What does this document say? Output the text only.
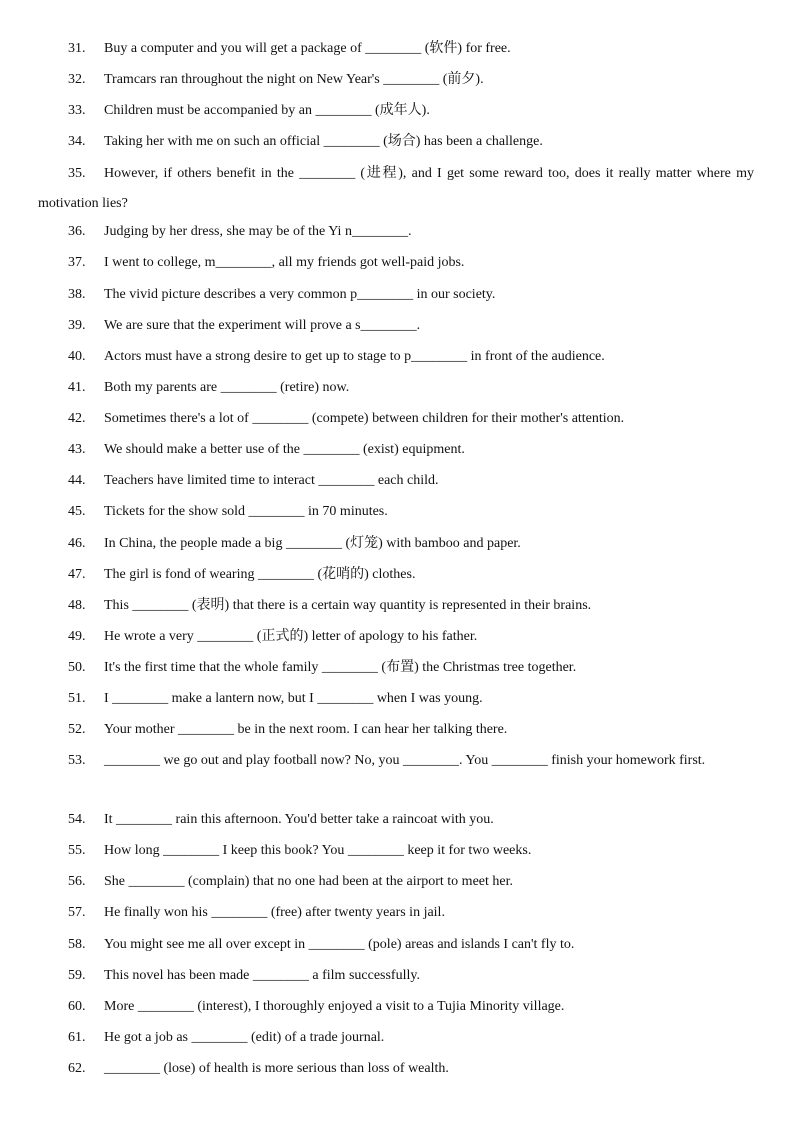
31. Buy a computer and you will get a package of ________ (软件) for free.
32. Tramcars ran throughout the night on New Year's ________ (前夕).
33. Children must be accompanied by an ________ (成年人).
34. Taking her with me on such an official ________ (场合) has been a challenge.
35. However, if others benefit in the ________ (进程), and I get some reward too, does it really matter where my motivation lies?
36. Judging by her dress, she may be of the Yi n________.
37. I went to college, m________, all my friends got well-paid jobs.
38. The vivid picture describes a very common p________ in our society.
39. We are sure that the experiment will prove a s________.
40. Actors must have a strong desire to get up to stage to p________ in front of the audience.
41. Both my parents are ________ (retire) now.
42. Sometimes there's a lot of ________ (compete) between children for their mother's attention.
43. We should make a better use of the ________ (exist) equipment.
44. Teachers have limited time to interact ________ each child.
45. Tickets for the show sold ________ in 70 minutes.
46. In China, the people made a big ________ (灯笼) with bamboo and paper.
47. The girl is fond of wearing ________ (花哨的) clothes.
48. This ________ (表明) that there is a certain way quantity is represented in their brains.
49. He wrote a very ________ (正式的) letter of apology to his father.
50. It's the first time that the whole family ________ (布置) the Christmas tree together.
51. I ________ make a lantern now, but I ________ when I was young.
52. Your mother ________ be in the next room. I can hear her talking there.
53. ________ we go out and play football now? No, you ________. You ________ finish your homework first.
54. It ________ rain this afternoon. You'd better take a raincoat with you.
55. How long ________ I keep this book? You ________ keep it for two weeks.
56. She ________ (complain) that no one had been at the airport to meet her.
57. He finally won his ________ (free) after twenty years in jail.
58. You might see me all over except in ________ (pole) areas and islands I can't fly to.
59. This novel has been made ________ a film successfully.
60. More ________ (interest), I thoroughly enjoyed a visit to a Tujia Minority village.
61. He got a job as ________ (edit) of a trade journal.
62. ________ (lose) of health is more serious than loss of wealth.
